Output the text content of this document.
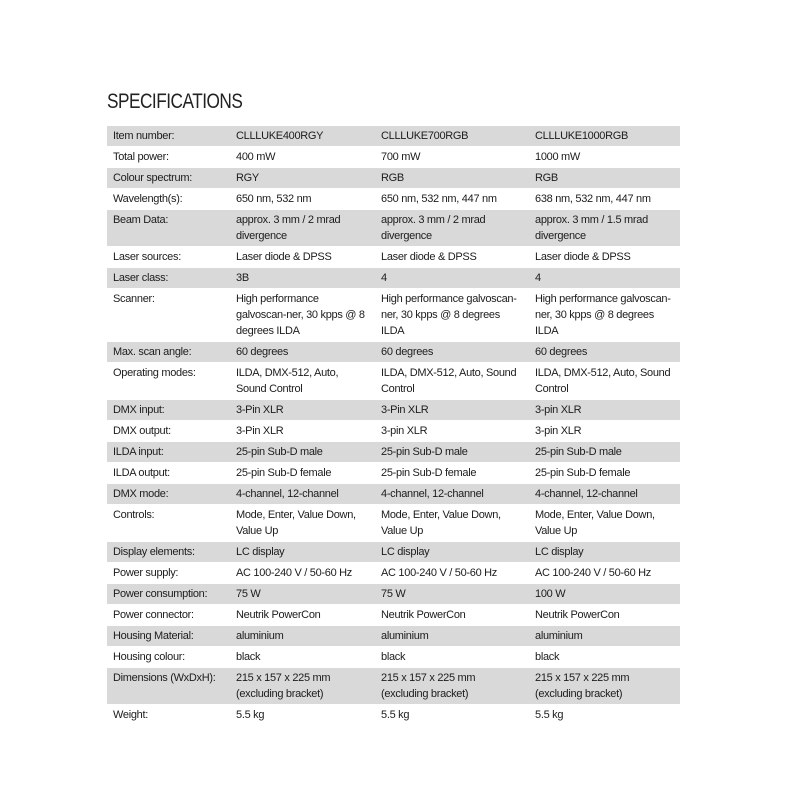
SPECIFICATIONS
Item number:	CLLLUKE400RGY	CLLLUKE700RGB	CLLLUKE1000RGB
Total power:	400 mW	700 mW	1000 mW
Colour spectrum:	RGY	RGB	RGB
Wavelength(s):	650 nm, 532 nm	650 nm, 532 nm, 447 nm	638 nm, 532 nm, 447 nm
Beam Data:	approx. 3 mm / 2 mrad divergence	approx. 3 mm / 2 mrad divergence	approx. 3 mm / 1.5 mrad divergence
Laser sources:	Laser diode & DPSS	Laser diode & DPSS	Laser diode & DPSS
Laser class:	3B	4	4
Scanner:	High performance galvoscan-ner, 30 kpps @ 8 degrees ILDA	High performance galvoscan-ner, 30 kpps @ 8 degrees ILDA	High performance galvoscan-ner, 30 kpps @ 8 degrees ILDA
Max. scan angle:	60 degrees	60 degrees	60 degrees
Operating modes:	ILDA, DMX-512, Auto, Sound Control	ILDA, DMX-512, Auto, Sound Control	ILDA, DMX-512, Auto, Sound Control
DMX input:	3-Pin XLR	3-Pin XLR	3-pin XLR
DMX output:	3-Pin XLR	3-pin XLR	3-pin XLR
ILDA input:	25-pin Sub-D male	25-pin Sub-D male	25-pin Sub-D male
ILDA output:	25-pin Sub-D female	25-pin Sub-D female	25-pin Sub-D female
DMX mode:	4-channel, 12-channel	4-channel, 12-channel	4-channel, 12-channel
Controls:	Mode, Enter, Value Down, Value Up	Mode, Enter, Value Down, Value Up	Mode, Enter, Value Down, Value Up
Display elements:	LC display	LC display	LC display
Power supply:	AC 100-240 V / 50-60 Hz	AC 100-240 V / 50-60 Hz	AC 100-240 V / 50-60 Hz
Power consumption:	75 W	75 W	100 W
Power connector:	Neutrik PowerCon	Neutrik PowerCon	Neutrik PowerCon
Housing Material:	aluminium	aluminium	aluminium
Housing colour:	black	black	black
Dimensions (WxDxH):	215 x 157 x 225 mm (excluding bracket)	215 x 157 x 225 mm (excluding bracket)	215 x 157 x 225 mm (excluding bracket)
Weight:	5.5 kg	5.5 kg	5.5 kg
